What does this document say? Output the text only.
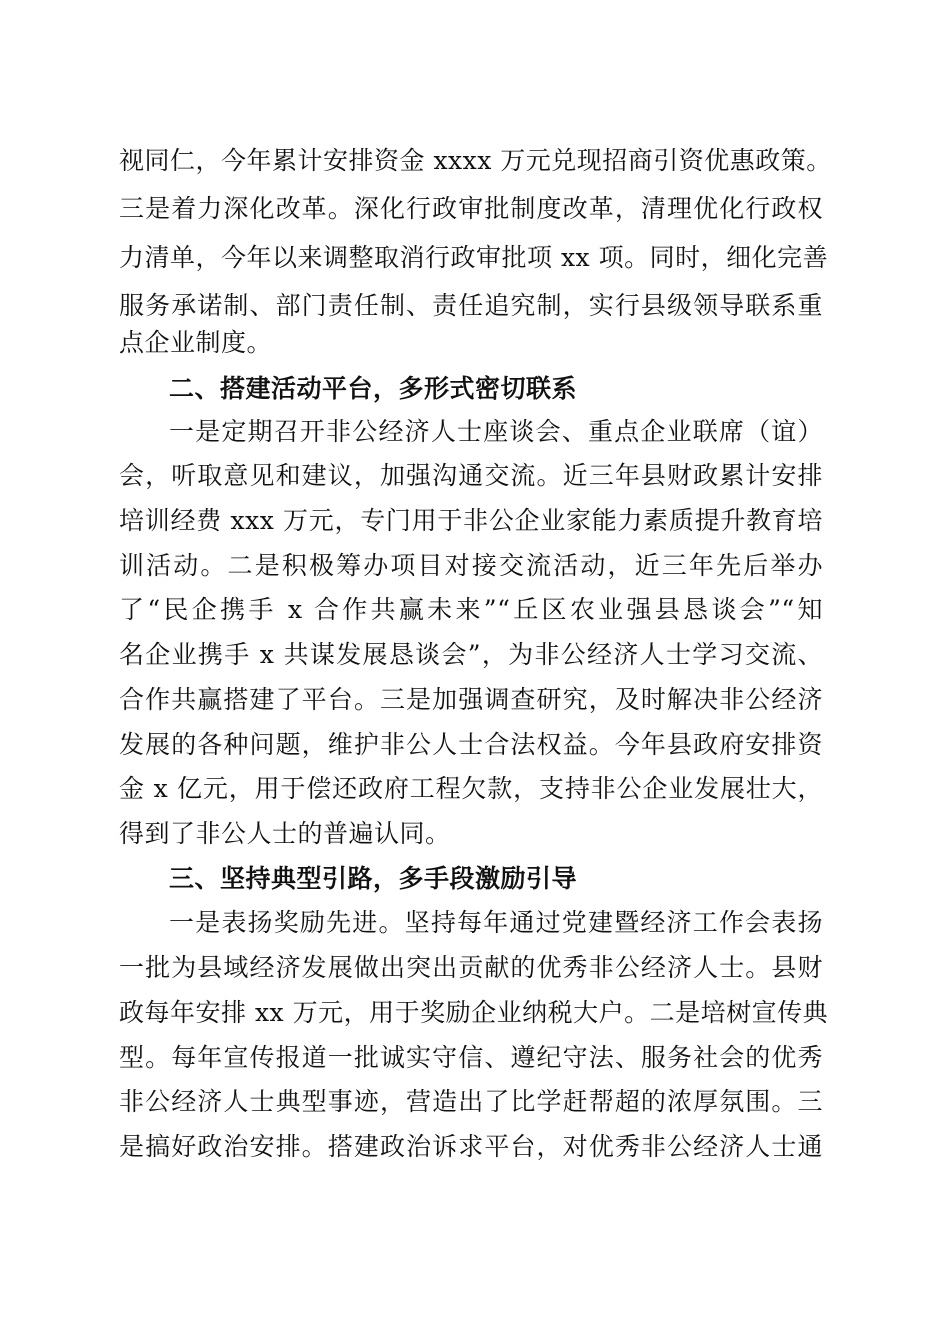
视同仁，今年累计安排资金 xxxx 万元兑现招商引资优惠政策。
三是着力深化改革。深化行政审批制度改革，清理优化行政权
力清单，今年以来调整取消行政审批项 xx 项。同时，细化完善
服务承诺制、部门责任制、责任追究制，实行县级领导联系重
点企业制度。
二、搭建活动平台，多形式密切联系
一是定期召开非公经济人士座谈会、重点企业联席（谊）
会，听取意见和建议，加强沟通交流。近三年县财政累计安排
培训经费 xxx 万元，专门用于非公企业家能力素质提升教育培
训活动。二是积极筹办项目对接交流活动，近三年先后举办
了“民企携手 x 合作共赢未来”“丘区农业强县恳谈会”“知
名企业携手 x 共谋发展恳谈会”，为非公经济人士学习交流、
合作共赢搭建了平台。三是加强调查研究，及时解决非公经济
发展的各种问题，维护非公人士合法权益。今年县政府安排资
金 x 亿元，用于偿还政府工程欠款，支持非公企业发展壮大，
得到了非公人士的普遍认同。
三、坚持典型引路，多手段激励引导
一是表扬奖励先进。坚持每年通过党建暨经济工作会表扬
一批为县域经济发展做出突出贡献的优秀非公经济人士。县财
政每年安排 xx 万元，用于奖励企业纳税大户。二是培树宣传典
型。每年宣传报道一批诚实守信、遵纪守法、服务社会的优秀
非公经济人士典型事迹，营造出了比学赶帮超的浓厚氛围。三
是搞好政治安排。搭建政治诉求平台，对优秀非公经济人士通
